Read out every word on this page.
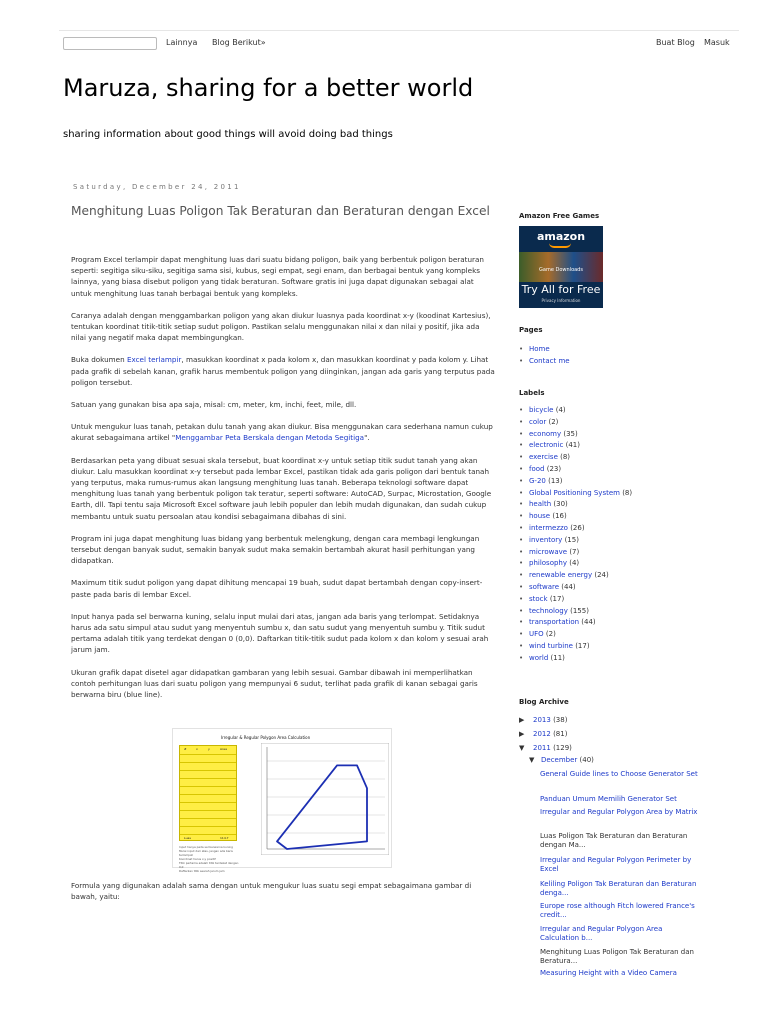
Lainnya Blog Berikut»	Buat Blog Masuk
Maruza, sharing for a better world
sharing information about good things will avoid doing bad things
Saturday, December 24, 2011
Menghitung Luas Poligon Tak Beraturan dan Beraturan dengan Excel

Program Excel terlampir dapat menghitung luas dari suatu bidang poligon, baik yang berbentuk poligon beraturan seperti: segitiga siku-siku, segitiga sama sisi, kubus, segi empat, segi enam, dan berbagai bentuk yang kompleks lainnya, yang biasa disebut poligon yang tidak beraturan. Software gratis ini juga dapat digunakan sebagai alat untuk menghitung luas tanah berbagai bentuk yang kompleks.

Caranya adalah dengan menggambarkan poligon yang akan diukur luasnya pada koordinat x-y (koodinat Kartesius), tentukan koordinat titik-titik setiap sudut poligon. Pastikan selalu menggunakan nilai x dan nilai y positif, jika ada nilai yang negatif maka dapat membingungkan.

Buka dokumen Excel terlampir, masukkan koordinat x pada kolom x, dan masukkan koordinat y pada kolom y. Lihat pada grafik di sebelah kanan, grafik harus membentuk poligon yang diinginkan, jangan ada garis yang terputus pada poligon tersebut.

Satuan yang gunakan bisa apa saja, misal: cm, meter, km, inchi, feet, mile, dll.

Untuk mengukur luas tanah, petakan dulu tanah yang akan diukur. Bisa menggunakan cara sederhana namun cukup akurat sebagaimana artikel "Menggambar Peta Berskala dengan Metoda Segitiga".

Berdasarkan peta yang dibuat sesuai skala tersebut, buat koordinat x-y untuk setiap titik sudut tanah yang akan diukur. Lalu masukkan koordinat x-y tersebut pada lembar Excel, pastikan tidak ada garis poligon dari bentuk tanah yang terputus, maka rumus-rumus akan langsung menghitung luas tanah. Beberapa teknologi software dapat menghitung luas tanah yang berbentuk poligon tak teratur, seperti software: AutoCAD, Surpac, Microstation, Google Earth, dll. Tapi tentu saja Microsoft Excel software jauh lebih populer dan lebih mudah digunakan, dan sudah cukup membantu untuk suatu persoalan atau kondisi sebagaimana dibahas di sini.

Program ini juga dapat menghitung luas bidang yang berbentuk melengkung, dengan cara membagi lengkungan tersebut dengan banyak sudut, semakin banyak sudut maka semakin bertambah akurat hasil perhitungan yang didapatkan.

Maximum titik sudut poligon yang dapat dihitung mencapai 19 buah, sudut dapat bertambah dengan copy-insert-paste pada baris di lembar Excel.

Input hanya pada sel berwarna kuning, selalu input mulai dari atas, jangan ada baris yang terlompat. Setidaknya harus ada satu simpul atau sudut yang menyentuh sumbu x, dan satu sudut yang menyentuh sumbu y. Titik sudut pertama adalah titik yang terdekat dengan 0 (0,0). Daftarkan titik-titik sudut pada kolom x dan kolom y sesuai arah jarum jam.

Ukuran grafik dapat disetel agar didapatkan gambaran yang lebih sesuai. Gambar dibawah ini memperlihatkan contoh perhitungan luas dari suatu poligon yang mempunyai 6 sudut, terlihat pada grafik di kanan sebagai garis berwarna biru (blue line).

Irregular & Regular Polygon Area Calculation
#	x	y	Area
Luas	114.7
Input hanya pada sel berwarna kuning
Mulai input dari atas, jangan ada baris terlompat
Koordinat harus x,y positif
Titik pertama adalah titik terdekat dengan 0,0
Daftarkan titik searah jarum jam

Formula yang digunakan adalah sama dengan untuk mengukur luas suatu segi empat sebagaimana gambar di bawah, yaitu:

Amazon Free Games
amazon
Game Downloads
Try All for Free
Privacy Information
Pages
• Home
• Contact me
Labels
• bicycle (4)
• color (2)
• economy (35)
• electronic (41)
• exercise (8)
• food (23)
• G-20 (13)
• Global Positioning System (8)
• health (30)
• house (16)
• intermezzo (26)
• inventory (15)
• microwave (7)
• philosophy (4)
• renewable energy (24)
• software (44)
• stock (17)
• technology (155)
• transportation (44)
• UFO (2)
• wind turbine (17)
• world (11)
Blog Archive
▶ 2013 (38)
▶ 2012 (81)
▼ 2011 (129)
▼ December (40)
General Guide lines to Choose Generator Set
Panduan Umum Memilih Generator Set
Irregular and Regular Polygon Area by Matrix
Luas Poligon Tak Beraturan dan Beraturan dengan Ma...
Irregular and Regular Polygon Perimeter by Excel
Keliling Poligon Tak Beraturan dan Beraturan denga...
Europe rose although Fitch lowered France's credit...
Irregular and Regular Polygon Area Calculation b...
Menghitung Luas Poligon Tak Beraturan dan Beratura...
Measuring Height with a Video Camera
